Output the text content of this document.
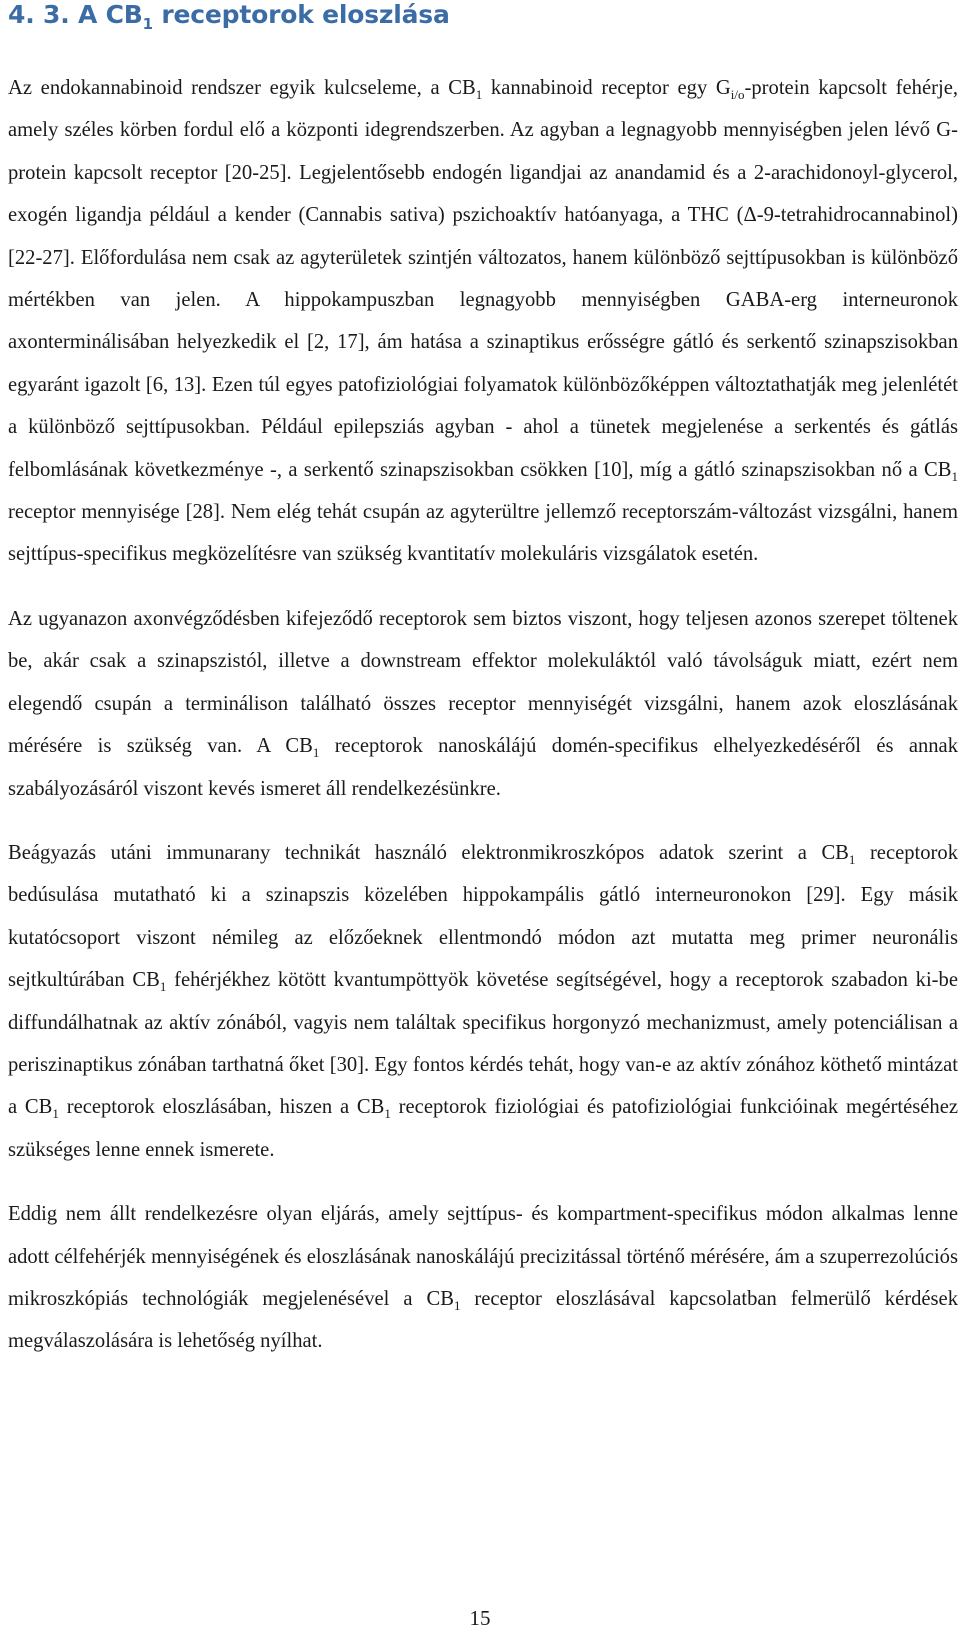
4. 3. A $CB_1$ receptorok eloszlása

Az endokannabinoid rendszer egyik kulcseleme, a $CB_1$ kannabinoid receptor egy $G_{i/o}$-protein kapcsolt fehérje, amely széles körben fordul elő a központi idegrendszerben. Az agyban a legnagyobb mennyiségben jelen lévő G-protein kapcsolt receptor [20-25]. Legjelentősebb endogén ligandjai az anandamid és a 2-arachidonoyl-glycerol, exogén ligandja például a kender (Cannabis sativa) pszichoaktív hatóanyaga, a THC (Δ-9-tetrahidrocannabinol) [22-27]. Előfordulása nem csak az agyterületek szintjén változatos, hanem különböző sejttípusokban is különböző mértékben van jelen. A hippokampuszban legnagyobb mennyiségben GABA-erg interneuronok axonterminálisában helyezkedik el [2, 17], ám hatása a szinaptikus erősségre gátló és serkentő szinapszisokban egyaránt igazolt [6, 13]. Ezen túl egyes patofiziológiai folyamatok különbözőképpen változtathatják meg jelenlétét a különböző sejttípusokban. Például epilepsziás agyban - ahol a tünetek megjelenése a serkentés és gátlás felbomlásának következménye -, a serkentő szinapszisokban csökken [10], míg a gátló szinapszisokban nő a $CB_1$ receptor mennyisége [28]. Nem elég tehát csupán az agyterültre jellemző receptorszám-változást vizsgálni, hanem sejttípus-specifikus megközelítésre van szükség kvantitatív molekuláris vizsgálatok esetén.

Az ugyanazon axonvégződésben kifejeződő receptorok sem biztos viszont, hogy teljesen azonos szerepet töltenek be, akár csak a szinapszistól, illetve a downstream effektor molekuláktól való távolságuk miatt, ezért nem elegendő csupán a terminálison található összes receptor mennyiségét vizsgálni, hanem azok eloszlásának mérésére is szükség van. A $CB_1$ receptorok nanoskálájú domén-specifikus elhelyezkedéséről és annak szabályozásáról viszont kevés ismeret áll rendelkezésünkre.

Beágyazás utáni immunarany technikát használó elektronmikroszkópos adatok szerint a $CB_1$ receptorok bedúsulása mutatható ki a szinapszis közelében hippokampális gátló interneuronokon [29]. Egy másik kutatócsoport viszont némileg az előzőeknek ellentmondó módon azt mutatta meg primer neuronális sejtkultúrában $CB_1$ fehérjékhez kötött kvantumpöttyök követése segítségével, hogy a receptorok szabadon ki-be diffundálhatnak az aktív zónából, vagyis nem találtak specifikus horgonyzó mechanizmust, amely potenciálisan a periszinaptikus zónában tarthatná őket [30]. Egy fontos kérdés tehát, hogy van-e az aktív zónához köthető mintázat a $CB_1$ receptorok eloszlásában, hiszen a $CB_1$ receptorok fiziológiai és patofiziológiai funkcióinak megértéséhez szükséges lenne ennek ismerete.

Eddig nem állt rendelkezésre olyan eljárás, amely sejttípus- és kompartment-specifikus módon alkalmas lenne adott célfehérjék mennyiségének és eloszlásának nanoskálájú precizitással történő mérésére, ám a szuperrezolúciós mikroszkópiás technológiák megjelenésével a $CB_1$ receptor eloszlásával kapcsolatban felmerülő kérdések megválaszolására is lehetőség nyílhat.

15
